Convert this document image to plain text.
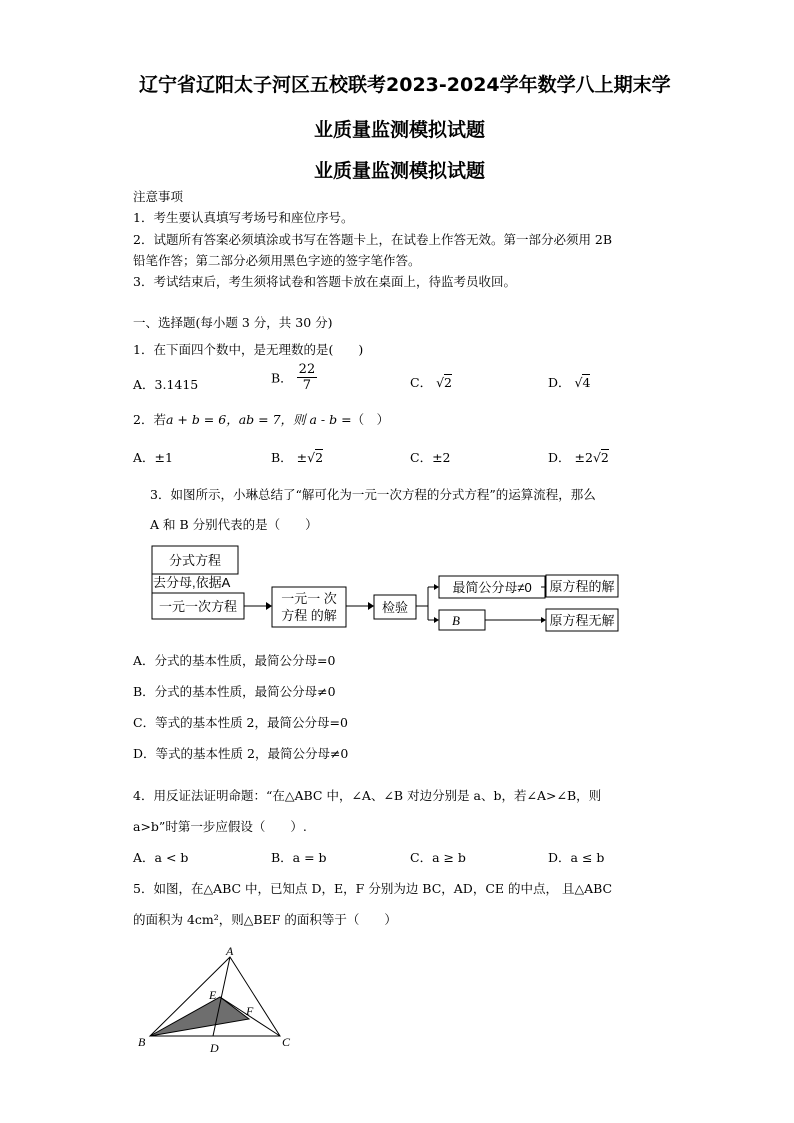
辽宁省辽阳太子河区五校联考2023-2024学年数学八上期末学
业质量监测模拟试题
业质量监测模拟试题
注意事项
1．考生要认真填写考场号和座位序号。
2．试题所有答案必须填涂或书写在答题卡上，在试卷上作答无效。第一部分必须用 2B
铅笔作答；第二部分必须用黑色字迹的签字笔作答。
3．考试结束后，考生须将试卷和答题卡放在桌面上，待监考员收回。
一、选择题(每小题 3 分，共 30 分)
1．在下面四个数中，是无理数的是(　　)
A．3.1415	B． $\frac{22}{7}$	C． √2	D． √4
2．若a + b = 6，ab = 7，则 a - b =（　）
A．±1	B． ±√2	C．±2	D． ±2√2
3．如图所示，小琳总结了“解可化为一元一次方程的分式方程”的运算流程，那么
A 和 B 分别代表的是（　　）
分式方程
去分母,依据A
一元一次方程
一元一 次
方程 的解
检验
最简公分母≠0
B
原方程的解
原方程无解
A．分式的基本性质，最简公分母=0
B．分式的基本性质，最简公分母≠0
C．等式的基本性质 2，最简公分母=0
D．等式的基本性质 2，最简公分母≠0
4．用反证法证明命题：“在△ABC 中，∠A、∠B 对边分别是 a、b，若∠A>∠B，则
a>b”时第一步应假设（　　）.
A．a < b	B．a = b	C．a ≥ b	D．a ≤ b
5．如图，在△ABC 中，已知点 D，E，F 分别为边 BC，AD，CE 的中点， 且△ABC
的面积为 4cm²，则△BEF 的面积等于（　　）
A
B	C
D
E
F
